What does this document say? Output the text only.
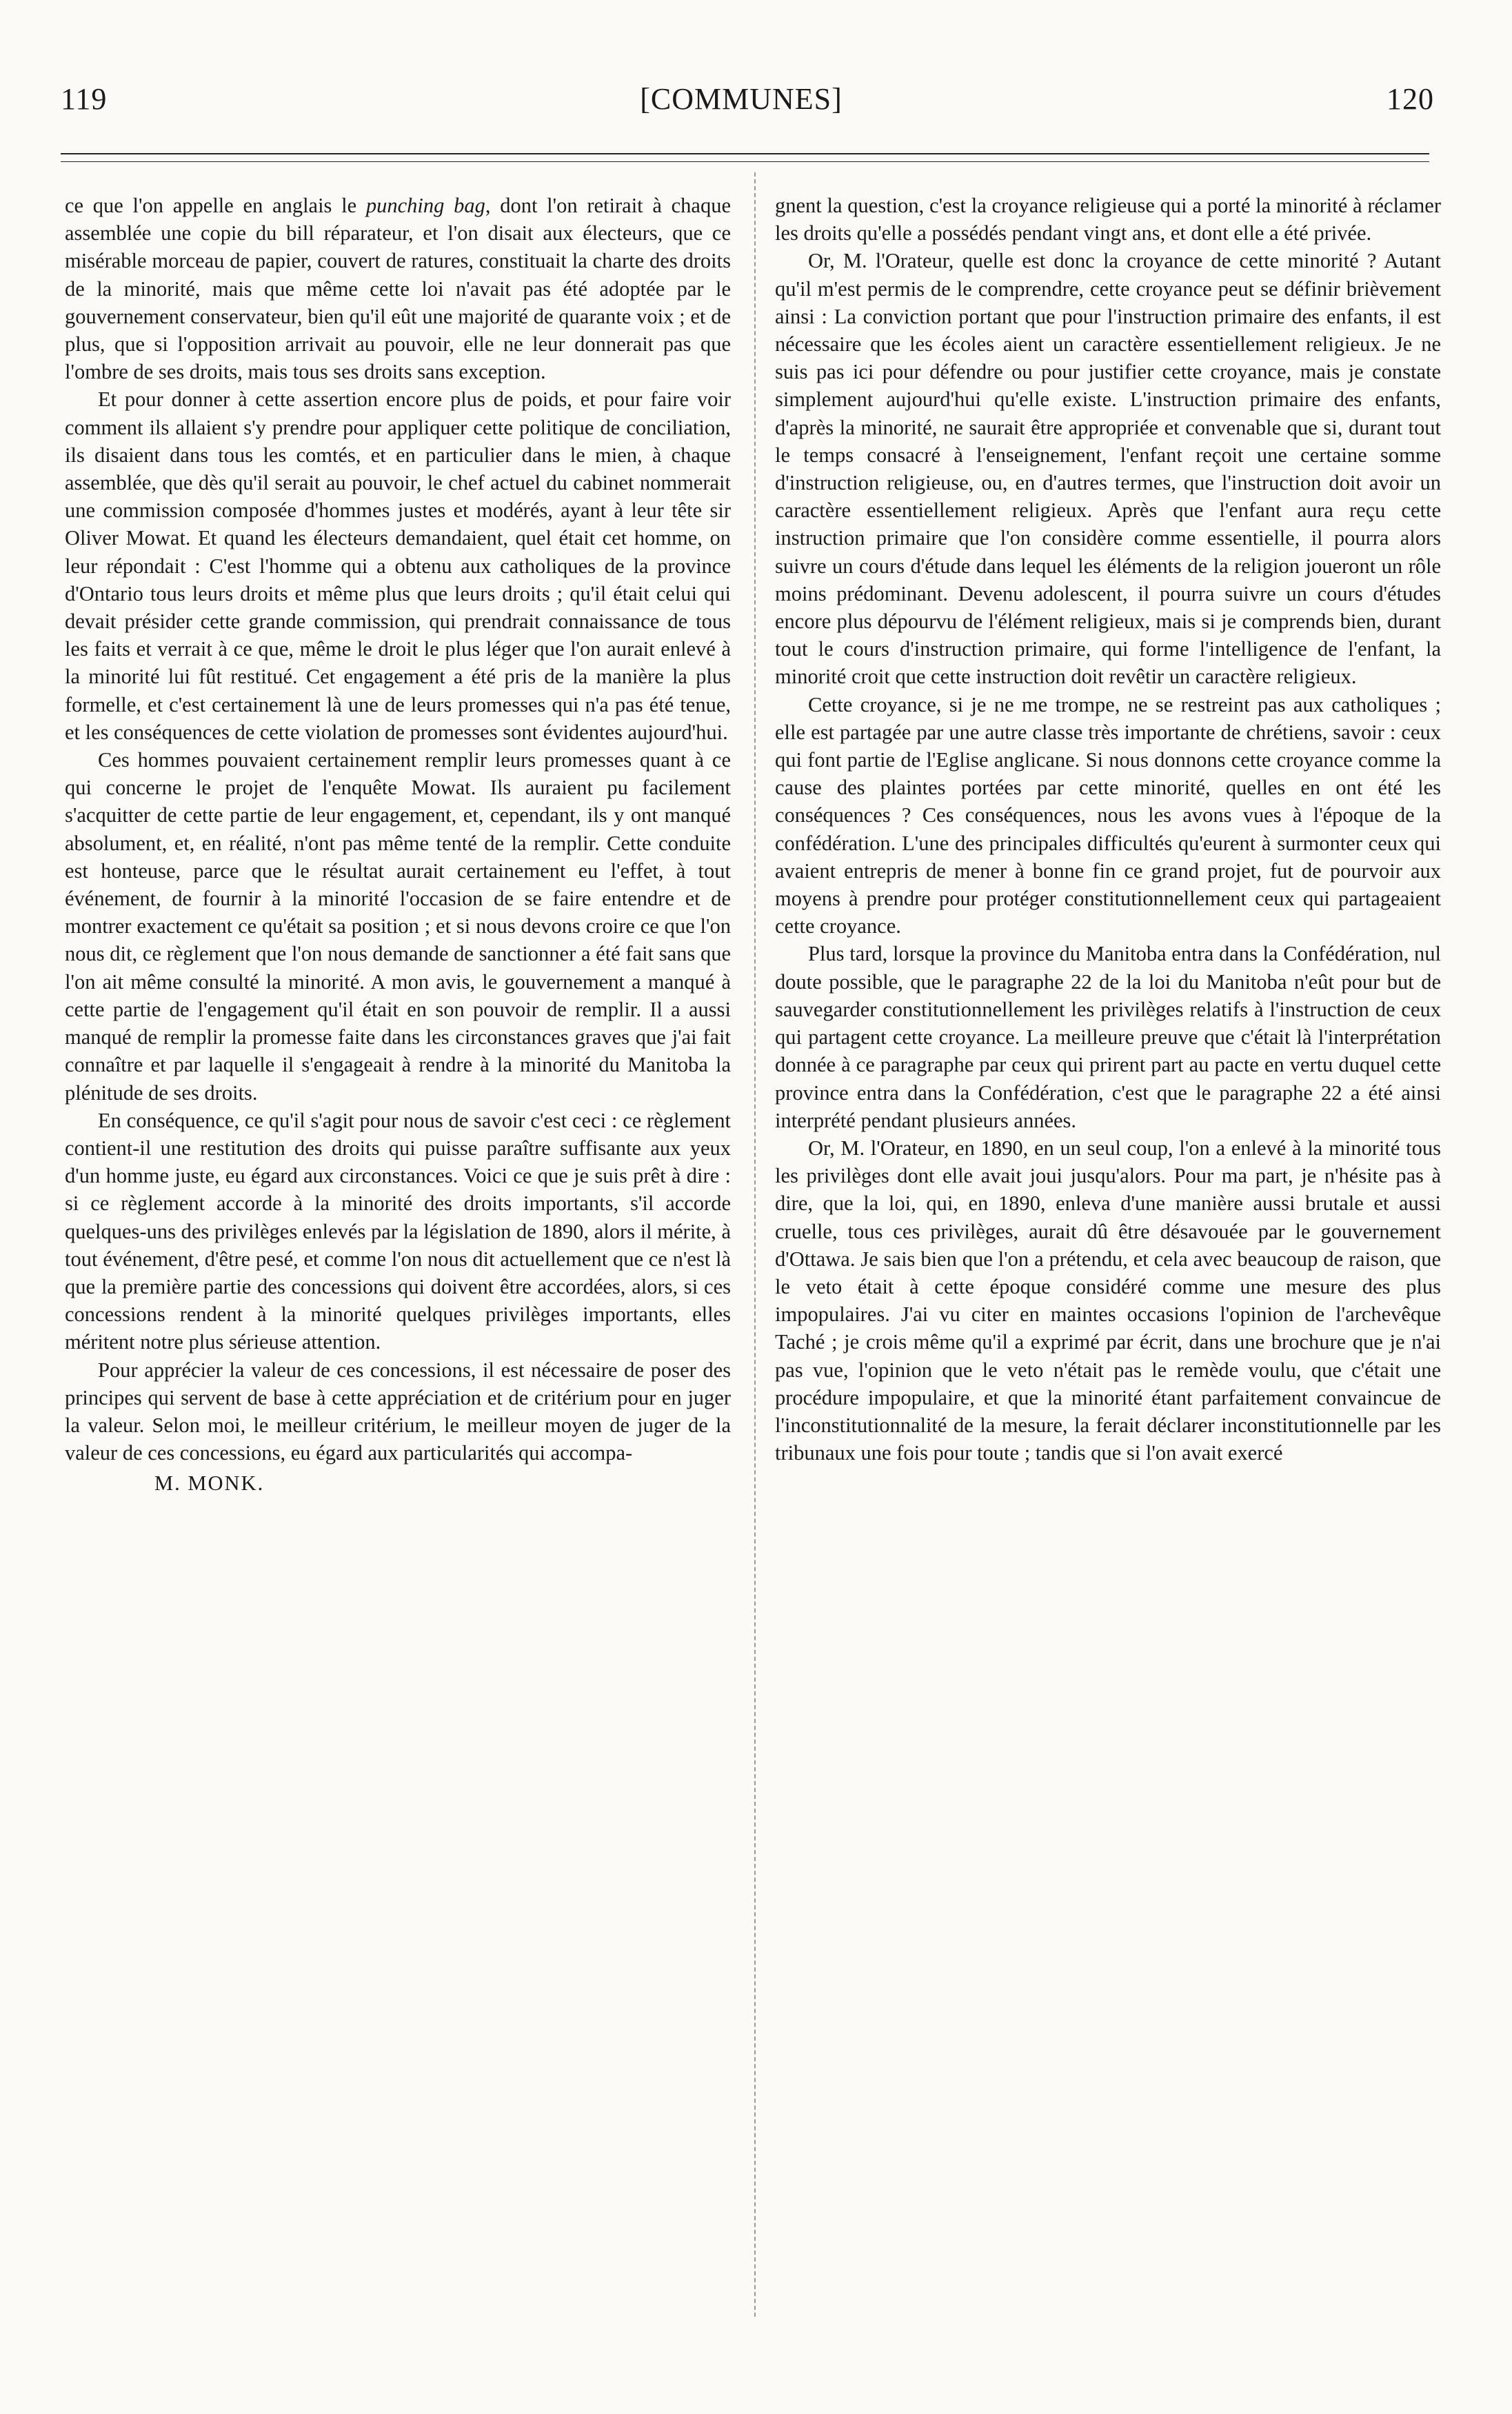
119	[COMMUNES]	120

ce que l'on appelle en anglais le punching bag, dont l'on retirait à chaque assemblée une copie du bill réparateur, et l'on disait aux électeurs, que ce misérable morceau de papier, couvert de ratures, constituait la charte des droits de la minorité, mais que même cette loi n'avait pas été adoptée par le gouvernement conservateur, bien qu'il eût une majorité de quarante voix ; et de plus, que si l'opposition arrivait au pouvoir, elle ne leur donnerait pas que l'ombre de ses droits, mais tous ses droits sans exception.

Et pour donner à cette assertion encore plus de poids, et pour faire voir comment ils allaient s'y prendre pour appliquer cette politique de conciliation, ils disaient dans tous les comtés, et en particulier dans le mien, à chaque assemblée, que dès qu'il serait au pouvoir, le chef actuel du cabinet nommerait une commission composée d'hommes justes et modérés, ayant à leur tête sir Oliver Mowat. Et quand les électeurs demandaient, quel était cet homme, on leur répondait : C'est l'homme qui a obtenu aux catholiques de la province d'Ontario tous leurs droits et même plus que leurs droits ; qu'il était celui qui devait présider cette grande commission, qui prendrait connaissance de tous les faits et verrait à ce que, même le droit le plus léger que l'on aurait enlevé à la minorité lui fût restitué. Cet engagement a été pris de la manière la plus formelle, et c'est certainement là une de leurs promesses qui n'a pas été tenue, et les conséquences de cette violation de promesses sont évidentes aujourd'hui.

Ces hommes pouvaient certainement remplir leurs promesses quant à ce qui concerne le projet de l'enquête Mowat. Ils auraient pu facilement s'acquitter de cette partie de leur engagement, et, cependant, ils y ont manqué absolument, et, en réalité, n'ont pas même tenté de la remplir. Cette conduite est honteuse, parce que le résultat aurait certainement eu l'effet, à tout événement, de fournir à la minorité l'occasion de se faire entendre et de montrer exactement ce qu'était sa position ; et si nous devons croire ce que l'on nous dit, ce règlement que l'on nous demande de sanctionner a été fait sans que l'on ait même consulté la minorité. A mon avis, le gouvernement a manqué à cette partie de l'engagement qu'il était en son pouvoir de remplir. Il a aussi manqué de remplir la promesse faite dans les circonstances graves que j'ai fait connaître et par laquelle il s'engageait à rendre à la minorité du Manitoba la plénitude de ses droits.

En conséquence, ce qu'il s'agit pour nous de savoir c'est ceci : ce règlement contient-il une restitution des droits qui puisse paraître suffisante aux yeux d'un homme juste, eu égard aux circonstances. Voici ce que je suis prêt à dire : si ce règlement accorde à la minorité des droits importants, s'il accorde quelques-uns des privilèges enlevés par la législation de 1890, alors il mérite, à tout événement, d'être pesé, et comme l'on nous dit actuellement que ce n'est là que la première partie des concessions qui doivent être accordées, alors, si ces concessions rendent à la minorité quelques privilèges importants, elles méritent notre plus sérieuse attention.

Pour apprécier la valeur de ces concessions, il est nécessaire de poser des principes qui servent de base à cette appréciation et de critérium pour en juger la valeur. Selon moi, le meilleur critérium, le meilleur moyen de juger de la valeur de ces concessions, eu égard aux particularités qui accompa-

M. MONK.

gnent la question, c'est la croyance religieuse qui a porté la minorité à réclamer les droits qu'elle a possédés pendant vingt ans, et dont elle a été privée.

Or, M. l'Orateur, quelle est donc la croyance de cette minorité ? Autant qu'il m'est permis de le comprendre, cette croyance peut se définir brièvement ainsi : La conviction portant que pour l'instruction primaire des enfants, il est nécessaire que les écoles aient un caractère essentiellement religieux. Je ne suis pas ici pour défendre ou pour justifier cette croyance, mais je constate simplement aujourd'hui qu'elle existe. L'instruction primaire des enfants, d'après la minorité, ne saurait être appropriée et convenable que si, durant tout le temps consacré à l'enseignement, l'enfant reçoit une certaine somme d'instruction religieuse, ou, en d'autres termes, que l'instruction doit avoir un caractère essentiellement religieux. Après que l'enfant aura reçu cette instruction primaire que l'on considère comme essentielle, il pourra alors suivre un cours d'étude dans lequel les éléments de la religion joueront un rôle moins prédominant. Devenu adolescent, il pourra suivre un cours d'études encore plus dépourvu de l'élément religieux, mais si je comprends bien, durant tout le cours d'instruction primaire, qui forme l'intelligence de l'enfant, la minorité croit que cette instruction doit revêtir un caractère religieux.

Cette croyance, si je ne me trompe, ne se restreint pas aux catholiques ; elle est partagée par une autre classe très importante de chrétiens, savoir : ceux qui font partie de l'Eglise anglicane. Si nous donnons cette croyance comme la cause des plaintes portées par cette minorité, quelles en ont été les conséquences ? Ces conséquences, nous les avons vues à l'époque de la confédération. L'une des principales difficultés qu'eurent à surmonter ceux qui avaient entrepris de mener à bonne fin ce grand projet, fut de pourvoir aux moyens à prendre pour protéger constitutionnellement ceux qui partageaient cette croyance.

Plus tard, lorsque la province du Manitoba entra dans la Confédération, nul doute possible, que le paragraphe 22 de la loi du Manitoba n'eût pour but de sauvegarder constitutionnellement les privilèges relatifs à l'instruction de ceux qui partagent cette croyance. La meilleure preuve que c'était là l'interprétation donnée à ce paragraphe par ceux qui prirent part au pacte en vertu duquel cette province entra dans la Confédération, c'est que le paragraphe 22 a été ainsi interprété pendant plusieurs années.

Or, M. l'Orateur, en 1890, en un seul coup, l'on a enlevé à la minorité tous les privilèges dont elle avait joui jusqu'alors. Pour ma part, je n'hésite pas à dire, que la loi, qui, en 1890, enleva d'une manière aussi brutale et aussi cruelle, tous ces privilèges, aurait dû être désavouée par le gouvernement d'Ottawa. Je sais bien que l'on a prétendu, et cela avec beaucoup de raison, que le veto était à cette époque considéré comme une mesure des plus impopulaires. J'ai vu citer en maintes occasions l'opinion de l'archevêque Taché ; je crois même qu'il a exprimé par écrit, dans une brochure que je n'ai pas vue, l'opinion que le veto n'était pas le remède voulu, que c'était une procédure impopulaire, et que la minorité étant parfaitement convaincue de l'inconstitutionnalité de la mesure, la ferait déclarer inconstitutionnelle par les tribunaux une fois pour toute ; tandis que si l'on avait exercé
